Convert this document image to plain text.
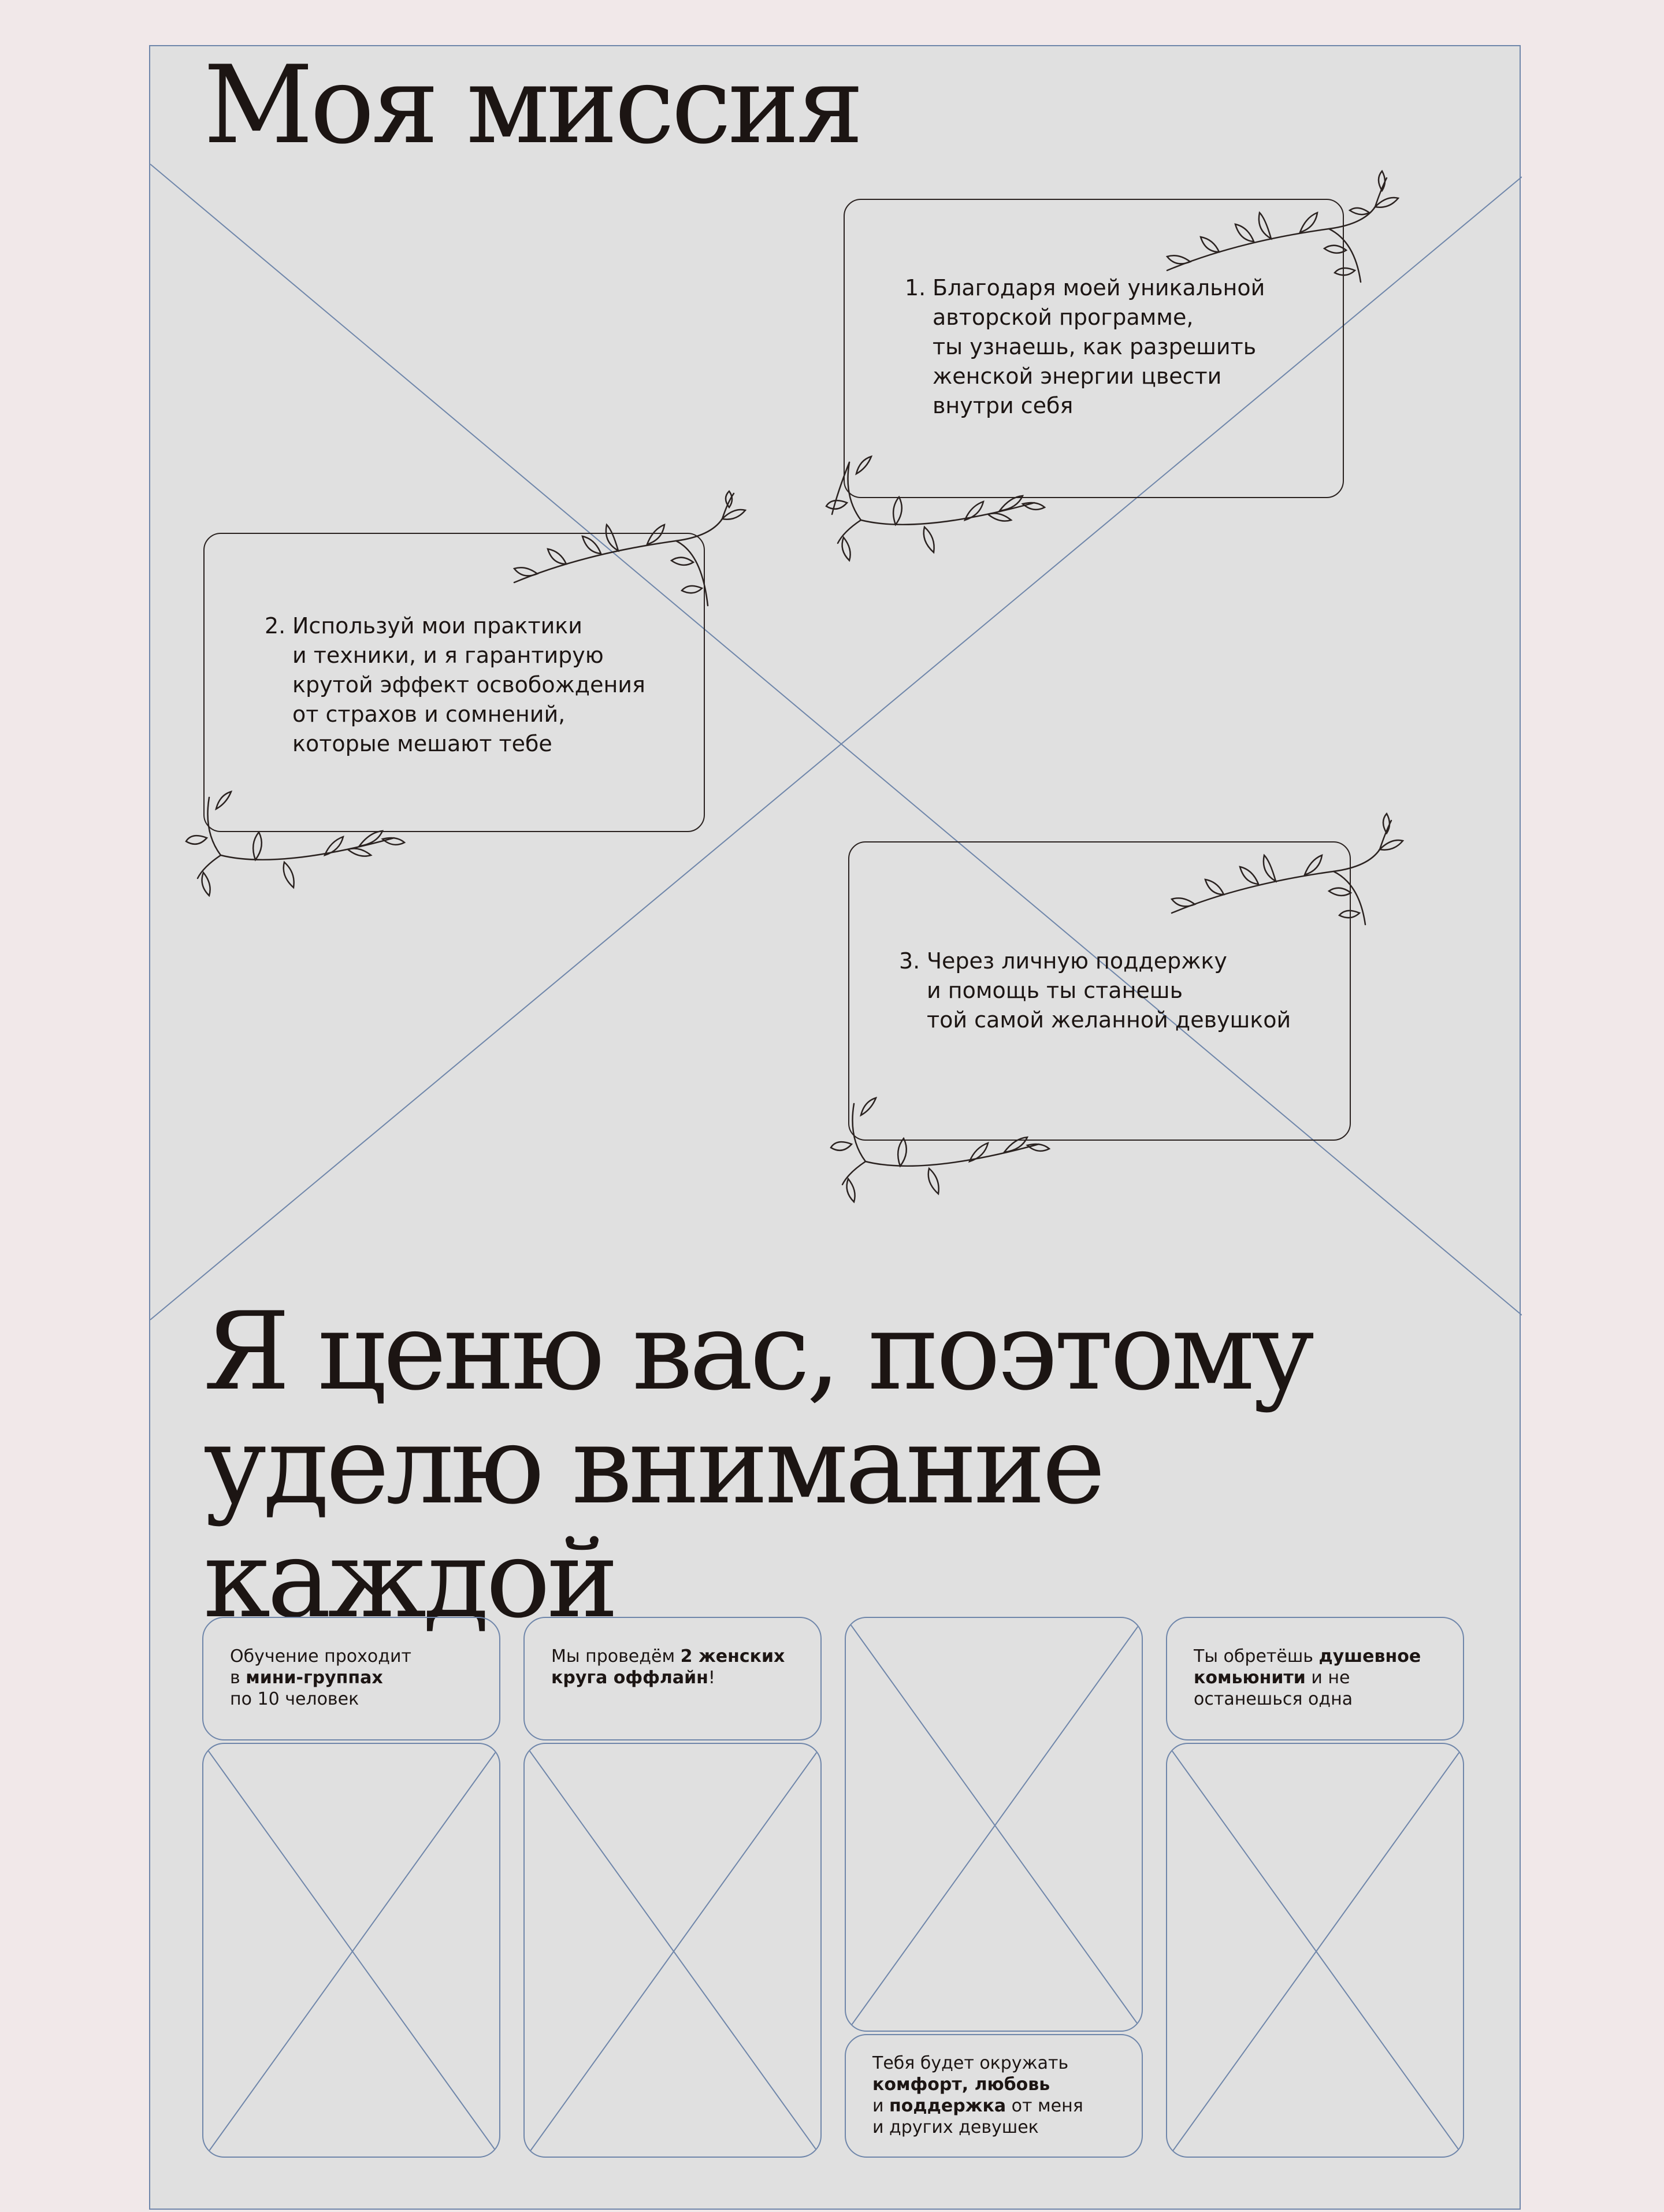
Моя миссия
1. Благодаря моей уникальной
авторской программе,
ты узнаешь, как разрешить
женской энергии цвести
внутри себя
2. Используй мои практики
и техники, и я гарантирую
крутой эффект освобождения
от страхов и сомнений,
которые мешают тебе
3. Через личную поддержку
и помощь ты станешь
той самой желанной девушкой
Я ценю вас, поэтому
уделю внимание каждой
Обучение проходит
в мини-группах
по 10 человек
Мы проведём 2 женских
круга оффлайн!
Тебя будет окружать
комфорт, любовь
и поддержка от меня
и других девушек
Ты обретёшь душевное
комьюнити и не
останешься одна
